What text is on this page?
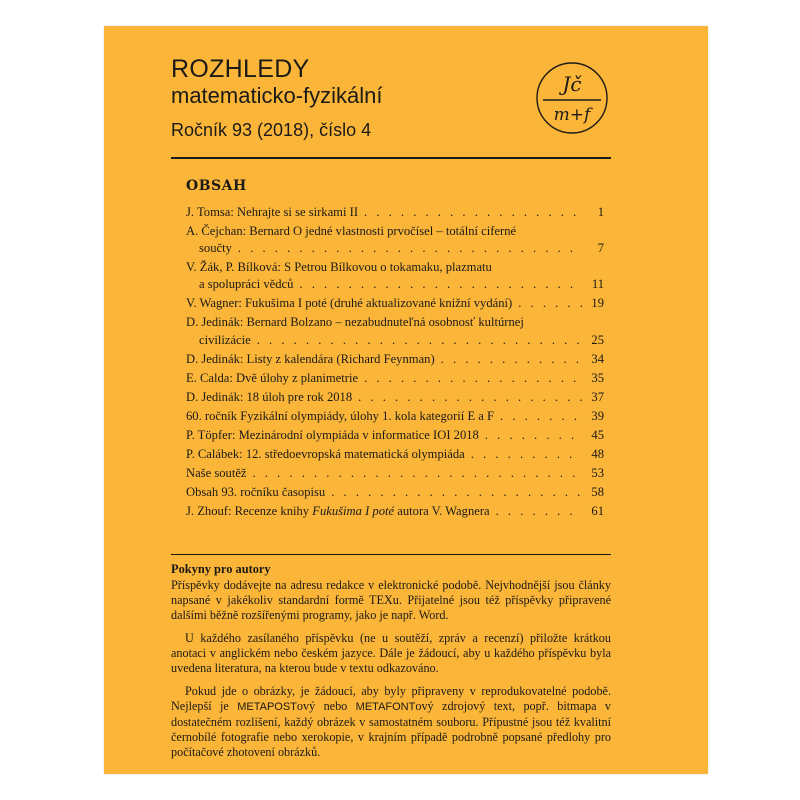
ROZHLEDY
matematicko-fyzikální
Ročník 93 (2018), číslo 4
Jč
m+f
OBSAH
J. Tomsa: Nehrajte si se sirkami II . . .	1
A. Čejchan: Bernard O jedné vlastnosti prvočísel – totální ciferné
součty . . .	7
V. Žák, P. Bílková: S Petrou Bílkovou o tokamaku, plazmatu
a spolupráci vědců . . .	11
V. Wagner: Fukušima I poté (druhé aktualizované knižní vydání) . . .	19
D. Jedinák: Bernard Bolzano – nezabudnuteľná osobnosť kultúrnej
civilizácie . . .	25
D. Jedinák: Listy z kalendára (Richard Feynman) . . .	34
E. Calda: Dvě úlohy z planimetrie . . .	35
D. Jedinák: 18 úloh pre rok 2018 . . .	37
60. ročník Fyzikální olympiády, úlohy 1. kola kategorií E a F . . .	39
P. Töpfer: Mezinárodní olympiáda v informatice IOI 2018 . . .	45
P. Calábek: 12. středoevropská matematická olympiáda . . .	48
Naše soutěž . . .	53
Obsah 93. ročníku časopisu . . .	58
J. Zhouf: Recenze knihy Fukušima I poté autora V. Wagnera . . .	61
Pokyny pro autory

Příspěvky dodávejte na adresu redakce v elektronické podobě. Nejvhodnější jsou články napsané v jakékoliv standardní formě TEXu. Přijatelné jsou též příspěvky připravené dalšími běžně rozšířenými programy, jako je např. Word.

U každého zasílaného příspěvku (ne u soutěží, zpráv a recenzí) přiložte krátkou anotaci v anglickém nebo českém jazyce. Dále je žádoucí, aby u každého příspěvku byla uvedena literatura, na kterou bude v textu odkazováno.

Pokud jde o obrázky, je žádoucí, aby byly připraveny v reprodukovatelné podobě. Nejlepší je METAPOSTový nebo METAFONTový zdrojový text, popř. bitmapa v dostatečném rozlišení, každý obrázek v samostatném souboru. Přípustné jsou též kvalitní černobílé fotografie nebo xerokopie, v krajním případě podrobně popsané předlohy pro počítačové zhotovení obrázků.
